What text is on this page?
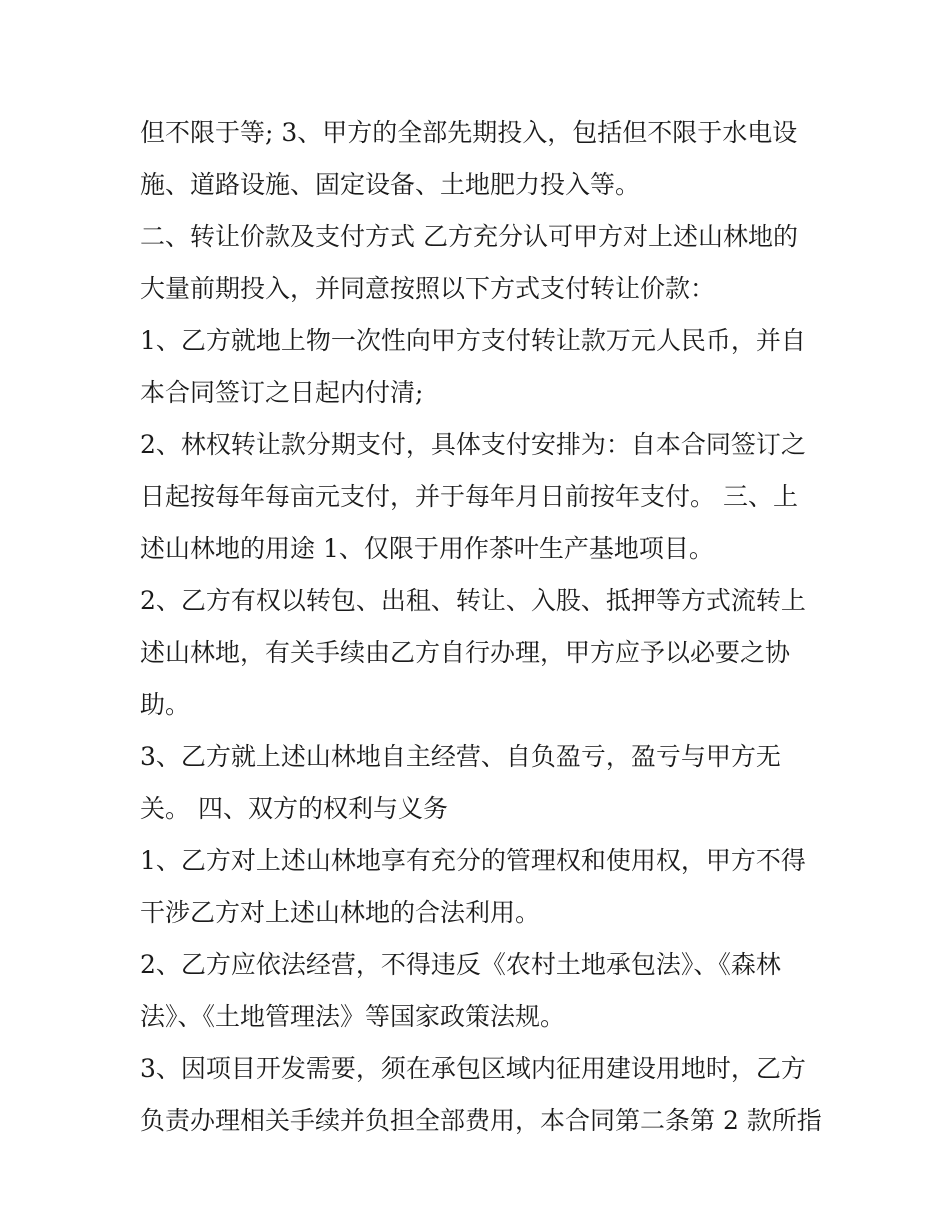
但不限于等; 3、甲方的全部先期投入，包括但不限于水电设
施、道路设施、固定设备、土地肥力投入等。
二、转让价款及支付方式 乙方充分认可甲方对上述山林地的
大量前期投入，并同意按照以下方式支付转让价款：
1、乙方就地上物一次性向甲方支付转让款万元人民币，并自
本合同签订之日起内付清;
2、林权转让款分期支付，具体支付安排为：自本合同签订之
日起按每年每亩元支付，并于每年月日前按年支付。 三、上
述山林地的用途 1、仅限于用作茶叶生产基地项目。
2、乙方有权以转包、出租、转让、入股、抵押等方式流转上
述山林地，有关手续由乙方自行办理，甲方应予以必要之协
助。
3、乙方就上述山林地自主经营、自负盈亏，盈亏与甲方无
关。 四、双方的权利与义务
1、乙方对上述山林地享有充分的管理权和使用权，甲方不得
干涉乙方对上述山林地的合法利用。
2、乙方应依法经营，不得违反《农村土地承包法》、《森林
法》、《土地管理法》等国家政策法规。
3、因项目开发需要，须在承包区域内征用建设用地时，乙方
负责办理相关手续并负担全部费用，本合同第二条第 2 款所指
